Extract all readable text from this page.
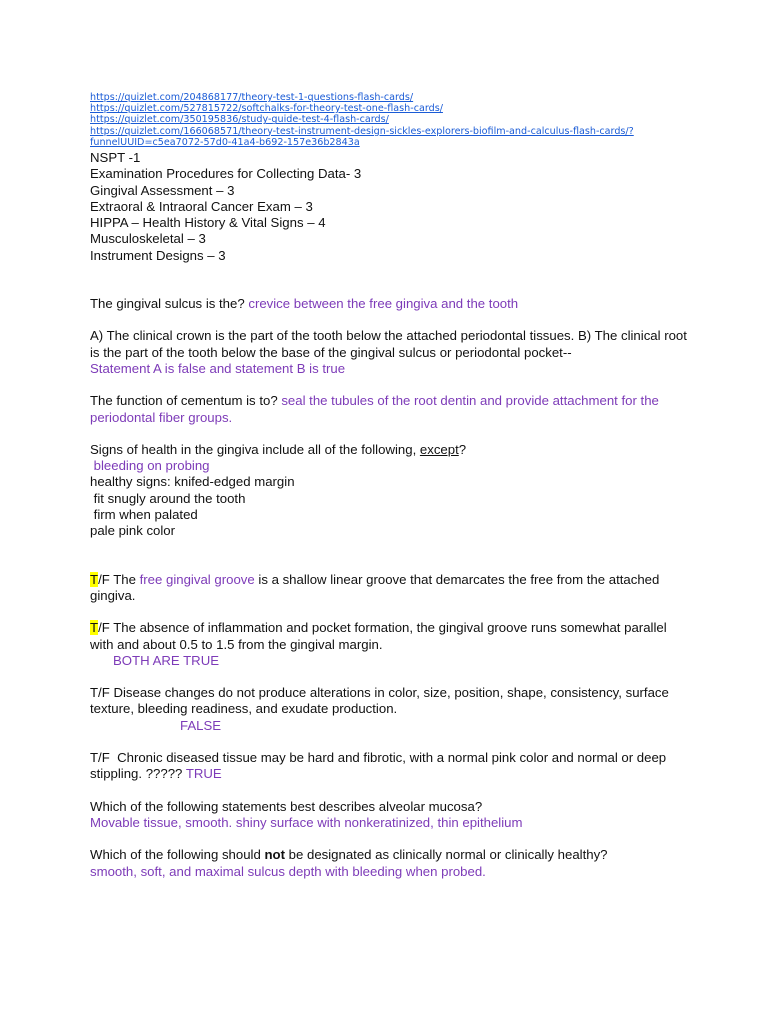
https://quizlet.com/204868177/theory-test-1-questions-flash-cards/
https://quizlet.com/527815722/softchalks-for-theory-test-one-flash-cards/
https://quizlet.com/350195836/study-guide-test-4-flash-cards/
https://quizlet.com/166068571/theory-test-instrument-design-sickles-explorers-biofilm-and-calculus-flash-cards/?
funnelUUID=c5ea7072-57d0-41a4-b692-157e36b2843a
NSPT -1
Examination Procedures for Collecting Data- 3
Gingival Assessment – 3
Extraoral & Intraoral Cancer Exam – 3
HIPPA – Health History & Vital Signs – 4
Musculoskeletal – 3
Instrument Designs – 3
The gingival sulcus is the? crevice between the free gingiva and the tooth
A) The clinical crown is the part of the tooth below the attached periodontal tissues. B) The clinical root is the part of the tooth below the base of the gingival sulcus or periodontal pocket--
Statement A is false and statement B is true
The function of cementum is to? seal the tubules of the root dentin and provide attachment for the periodontal fiber groups.
Signs of health in the gingiva include all of the following, except?
bleeding on probing
healthy signs: knifed-edged margin
fit snugly around the tooth
firm when palated
pale pink color
T/F The free gingival groove is a shallow linear groove that demarcates the free from the attached gingiva.
T/F The absence of inflammation and pocket formation, the gingival groove runs somewhat parallel with and about 0.5 to 1.5 from the gingival margin.
BOTH ARE TRUE
T/F Disease changes do not produce alterations in color, size, position, shape, consistency, surface texture, bleeding readiness, and exudate production.
FALSE
T/F  Chronic diseased tissue may be hard and fibrotic, with a normal pink color and normal or deep stippling. ????? TRUE
Which of the following statements best describes alveolar mucosa?
Movable tissue, smooth. shiny surface with nonkeratinized, thin epithelium
Which of the following should not be designated as clinically normal or clinically healthy?
smooth, soft, and maximal sulcus depth with bleeding when probed.
